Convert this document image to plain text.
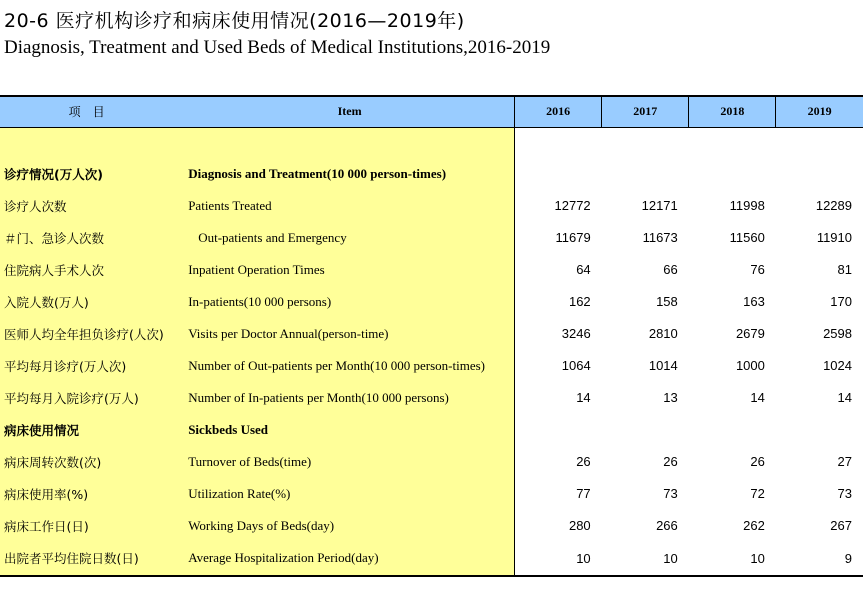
20-6 医疗机构诊疗和病床使用情况(2016—2019年)
Diagnosis, Treatment and Used Beds of Medical Institutions,2016-2019
项目	Item	2016	2017	2018	2019

诊疗情况(万人次)	Diagnosis and Treatment(10 000 person-times)				
诊疗人次数	Patients Treated	12772	12171	11998	12289
＃门、急诊人次数	Out-patients and Emergency	11679	11673	11560	11910
住院病人手术人次	Inpatient Operation Times	64	66	76	81
入院人数(万人)	In-patients(10 000 persons)	162	158	163	170
医师人均全年担负诊疗(人次)	Visits per Doctor Annual(person-time)	3246	2810	2679	2598
平均每月诊疗(万人次)	Number of Out-patients per Month(10 000 person-times)	1064	1014	1000	1024
平均每月入院诊疗(万人)	Number of In-patients per Month(10 000 persons)	14	13	14	14
病床使用情况	Sickbeds Used				
病床周转次数(次)	Turnover of Beds(time)	26	26	26	27
病床使用率(%)	Utilization Rate(%)	77	73	72	73
病床工作日(日)	Working Days of Beds(day)	280	266	262	267
出院者平均住院日数(日)	Average Hospitalization Period(day)	10	10	10	9
